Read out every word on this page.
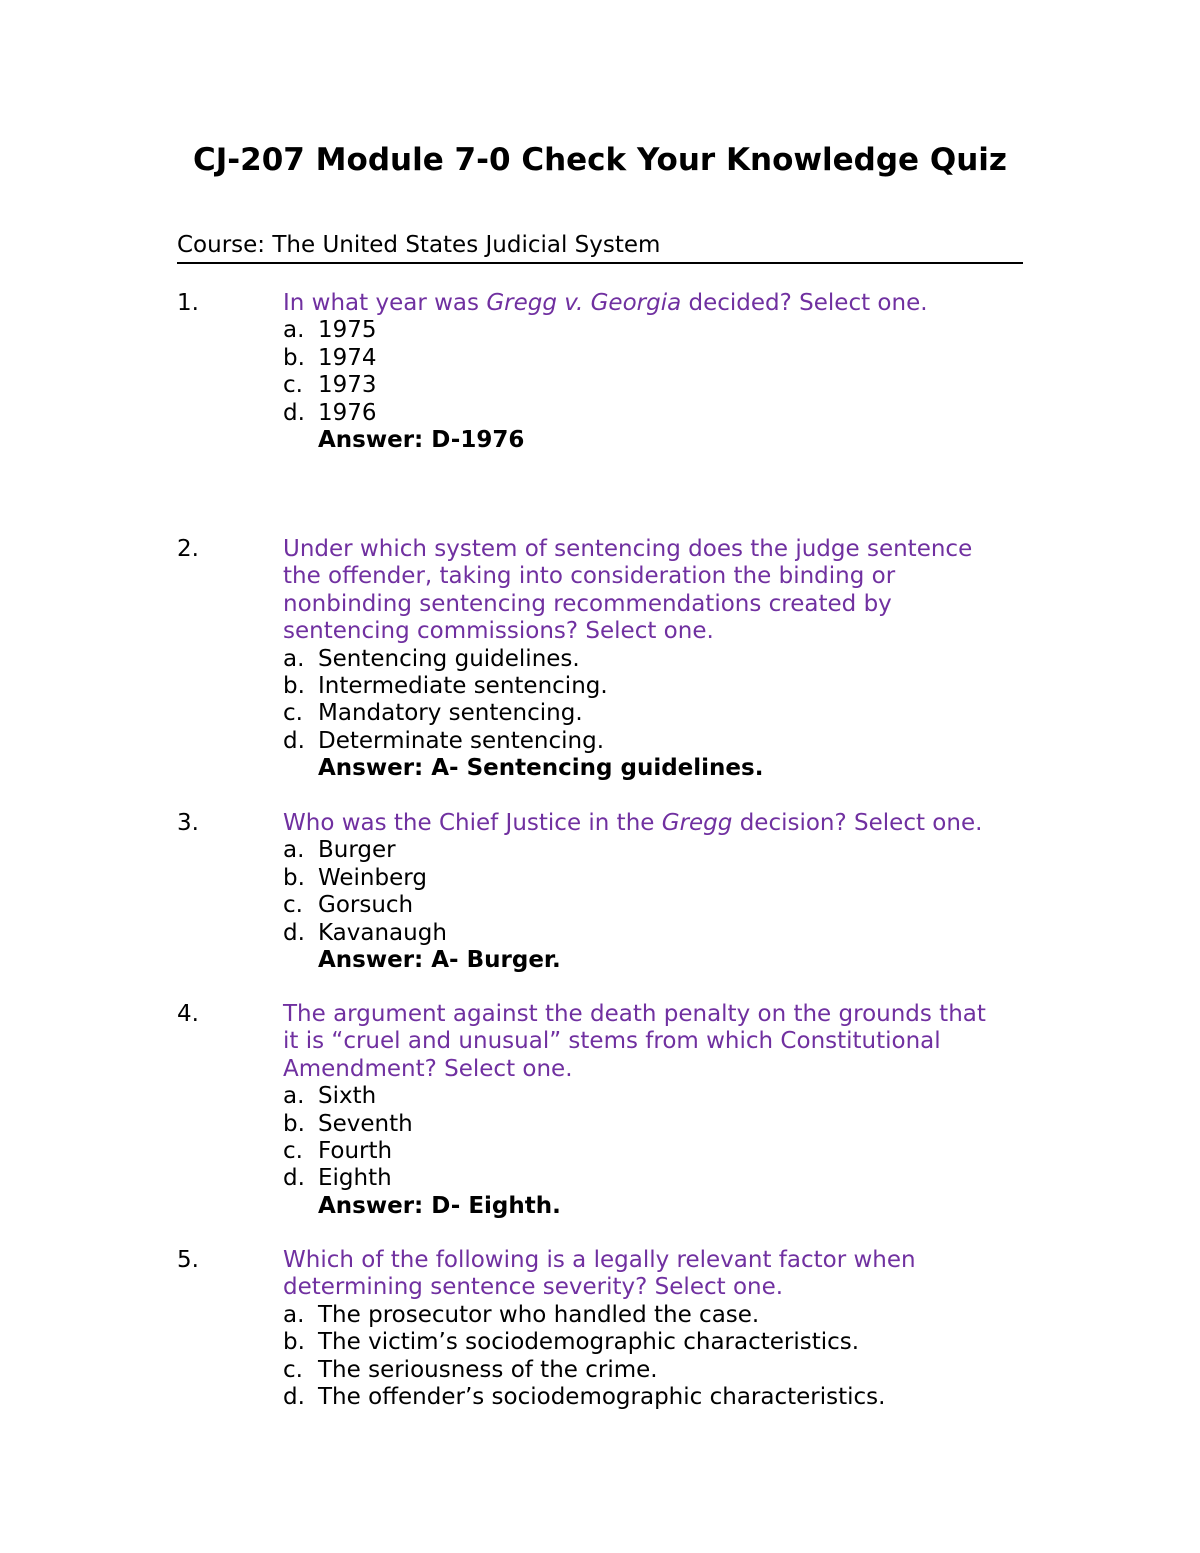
CJ-207 Module 7-0 Check Your Knowledge Quiz
Course: The United States Judicial System
1.	In what year was Gregg v. Georgia decided? Select one.
a. 1975
b. 1974
c. 1973
d. 1976
Answer: D-1976
2.	Under which system of sentencing does the judge sentence
the offender, taking into consideration the binding or
nonbinding sentencing recommendations created by
sentencing commissions? Select one.
a. Sentencing guidelines.
b. Intermediate sentencing.
c. Mandatory sentencing.
d. Determinate sentencing.
Answer: A- Sentencing guidelines.
3.	Who was the Chief Justice in the Gregg decision? Select one.
a. Burger
b. Weinberg
c. Gorsuch
d. Kavanaugh
Answer: A- Burger.
4.	The argument against the death penalty on the grounds that
it is “cruel and unusual” stems from which Constitutional
Amendment? Select one.
a. Sixth
b. Seventh
c. Fourth
d. Eighth
Answer: D- Eighth.
5.	Which of the following is a legally relevant factor when
determining sentence severity? Select one.
a. The prosecutor who handled the case.
b. The victim’s sociodemographic characteristics.
c. The seriousness of the crime.
d. The offender’s sociodemographic characteristics.
